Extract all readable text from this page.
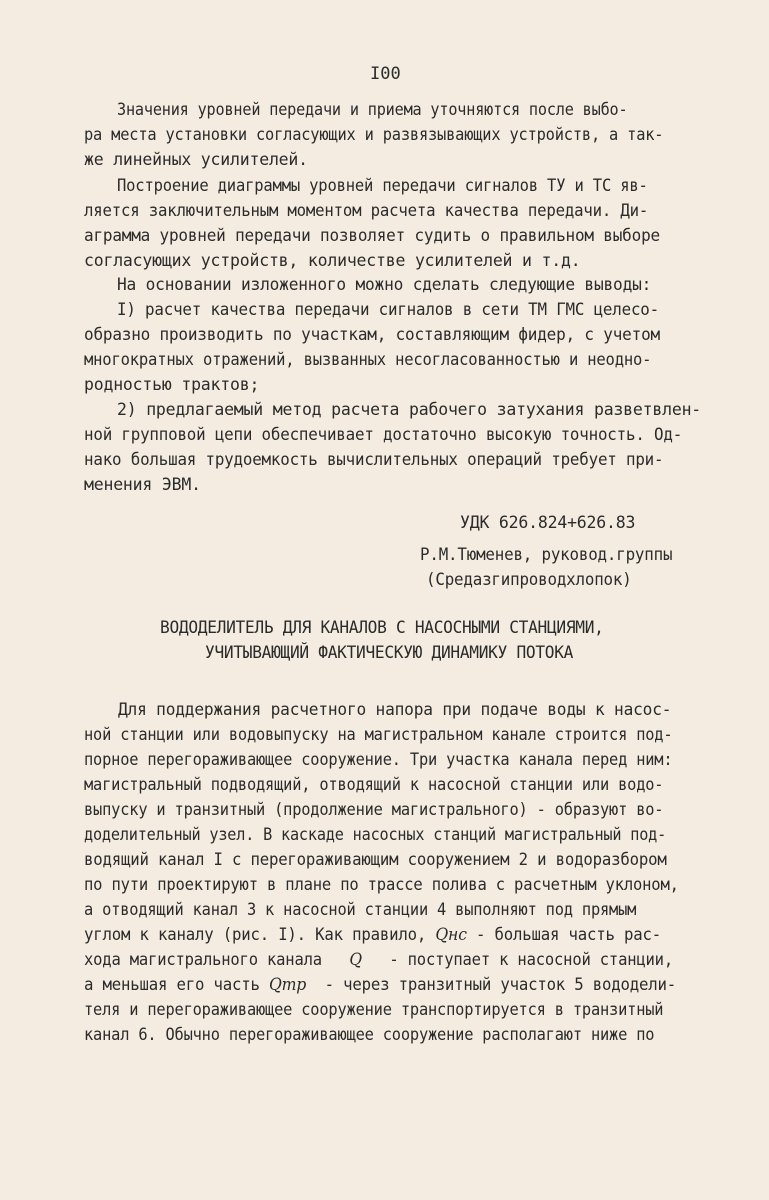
I00
Значения уровней передачи и приема уточняются после выбо-
ра места установки согласующих и развязывающих устройств, а так-
же линейных усилителей.
Построение диаграммы уровней передачи сигналов ТУ и ТС яв-
ляется заключительным моментом расчета качества передачи. Ди-
аграмма уровней передачи позволяет судить о правильном выборе
согласующих устройств, количестве усилителей и т.д.
На основании изложенного можно сделать следующие выводы:
I) расчет качества передачи сигналов в сети ТМ ГМС целесо-
образно производить по участкам, составляющим фидер, с учетом
многократных отражений, вызванных несогласованностью и неодно-
родностью трактов;
2) предлагаемый метод расчета рабочего затухания разветвлен-
ной групповой цепи обеспечивает достаточно высокую точность. Од-
нако большая трудоемкость вычислительных операций требует при-
менения ЭВМ.
УДК 626.824+626.83
Р.М.Тюменев, руковод.группы
(Средазгипроводхлопок)
ВОДОДЕЛИТЕЛЬ ДЛЯ КАНАЛОВ С НАСОСНЫМИ СТАНЦИЯМИ,
УЧИТЫВАЮЩИЙ ФАКТИЧЕСКУЮ ДИНАМИКУ ПОТОКА
Для поддержания расчетного напора при подаче воды к насос-
ной станции или водовыпуску на магистральном канале строится под-
порное перегораживающее сооружение. Три участка канала перед ним:
магистральный подводящий, отводящий к насосной станции или водо-
выпуску и транзитный (продолжение магистрального) - образуют во-
доделительный узел. В каскаде насосных станций магистральный под-
водящий канал I с перегораживающим сооружением 2 и водоразбором
по пути проектируют в плане по трассе полива с расчетным уклоном,
а отводящий канал 3 к насосной станции 4 выполняют под прямым
углом к каналу (рис. I). Как правило, Qнс - большая часть рас-
хода магистрального канала Q - поступает к насосной станции,
а меньшая его часть Qтр - через транзитный участок 5 вододели-
теля и перегораживающее сооружение транспортируется в транзитный
канал 6. Обычно перегораживающее сооружение располагают ниже по
